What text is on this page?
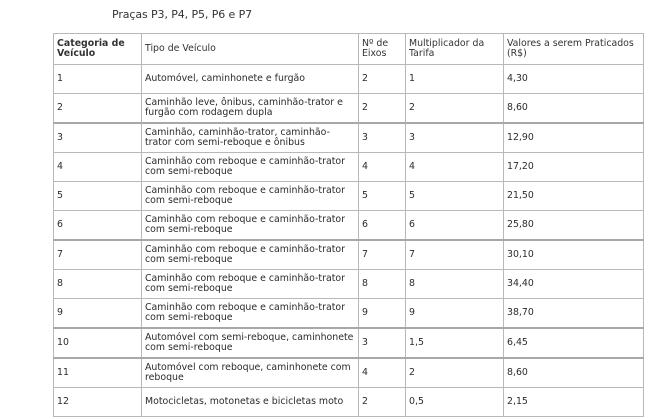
Praças P3, P4, P5, P6 e P7
Categoria de Veículo	Tipo de Veículo	Nº de Eixos	Multiplicador da Tarifa	Valores a serem Praticados (R$)
1	Automóvel, caminhonete e furgão	2	1	4,30
2	Caminhão leve, ônibus, caminhão-trator e furgão com rodagem dupla	2	2	8,60
3	Caminhão, caminhão-trator, caminhão-trator com semi-reboque e ônibus	3	3	12,90
4	Caminhão com reboque e caminhão-trator com semi-reboque	4	4	17,20
5	Caminhão com reboque e caminhão-trator com semi-reboque	5	5	21,50
6	Caminhão com reboque e caminhão-trator com semi-reboque	6	6	25,80
7	Caminhão com reboque e caminhão-trator com semi-reboque	7	7	30,10
8	Caminhão com reboque e caminhão-trator com semi-reboque	8	8	34,40
9	Caminhão com reboque e caminhão-trator com semi-reboque	9	9	38,70
10	Automóvel com semi-reboque, caminhonete com semi-reboque	3	1,5	6,45
11	Automóvel com reboque, caminhonete com reboque	4	2	8,60
12	Motocicletas, motonetas e bicicletas moto	2	0,5	2,15
